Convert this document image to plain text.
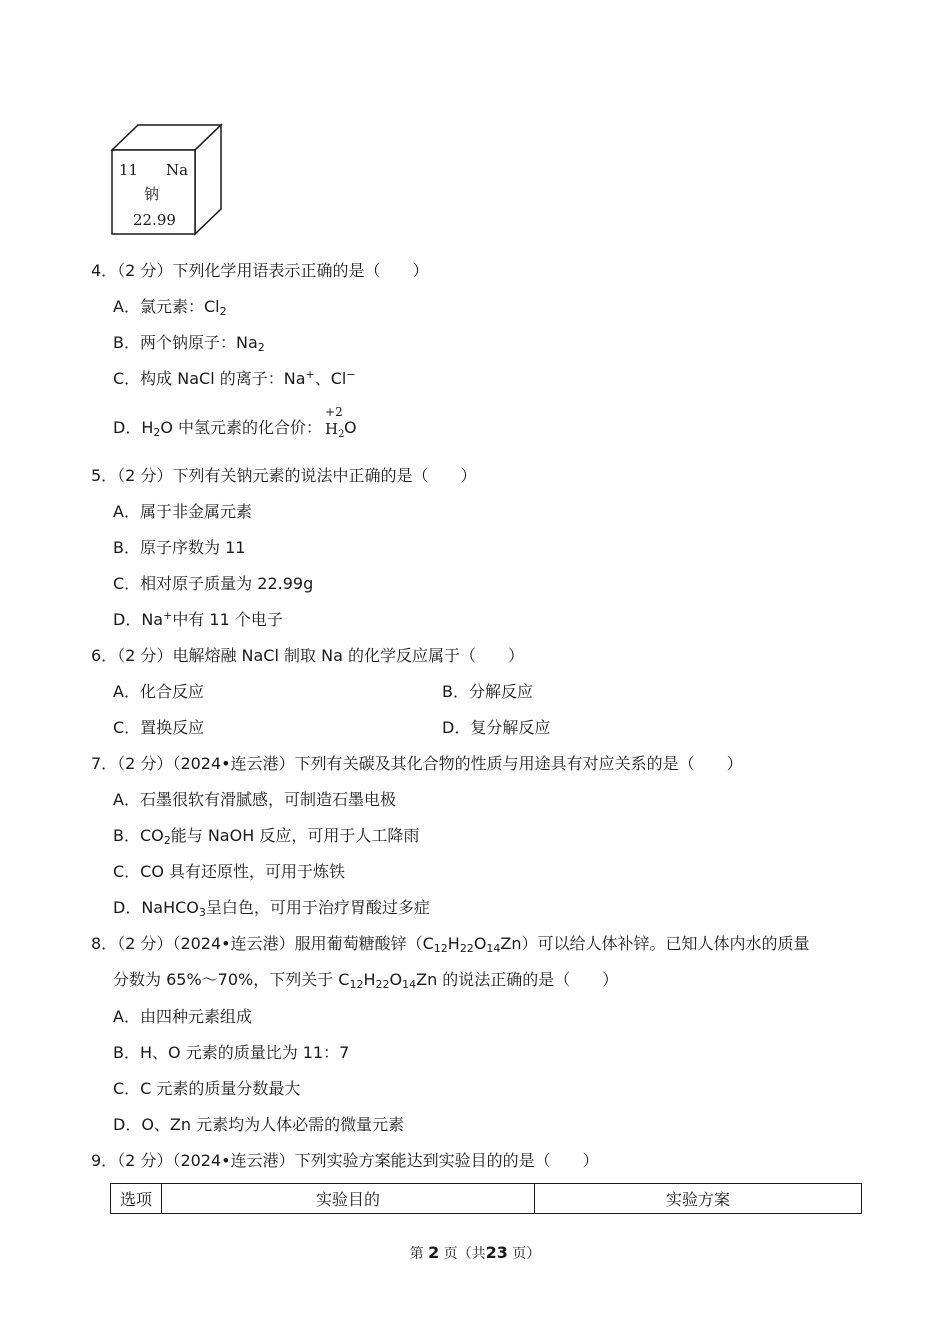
11 Na
钠
22.99
4．（2 分）下列化学用语表示正确的是（　　）
A．氯元素：$Cl_2$
B．两个钠原子：$Na_2$
C．构成 NaCl 的离子：Na+、Cl−
D．$H_2O$ 中氢元素的化合价：
+2
$H_2$ O
5．（2 分）下列有关钠元素的说法中正确的是（　　）
A．属于非金属元素
B．原子序数为 11
C．相对原子质量为 22.99g
D．Na+中有 11 个电子
6．（2 分）电解熔融 NaCl 制取 Na 的化学反应属于（　　）
A．化合反应	B．分解反应
C．置换反应	D．复分解反应
7．（2 分）（2024•连云港）下列有关碳及其化合物的性质与用途具有对应关系的是（　　）
A．石墨很软有滑腻感，可制造石墨电极
B．$CO_2$能与 NaOH 反应，可用于人工降雨
C．CO 具有还原性，可用于炼铁
D．NaHCO$_3$呈白色，可用于治疗胃酸过多症
8．（2 分）（2024•连云港）服用葡萄糖酸锌$(C_{12}H_{22}O_{14}Zn)$可以给人体补锌。已知人体内水的质量
分数为 65%～70%，下列关于 $C_{12}H_{22}O_{14}Zn$ 的说法正确的是（　　）
A．由四种元素组成
B．H、O 元素的质量比为 11：7
C．C 元素的质量分数最大
D．O、Zn 元素均为人体必需的微量元素
9．（2 分）（2024•连云港）下列实验方案能达到实验目的的是（　　）
选项	实验目的	实验方案
第 2 页（共23 页）
